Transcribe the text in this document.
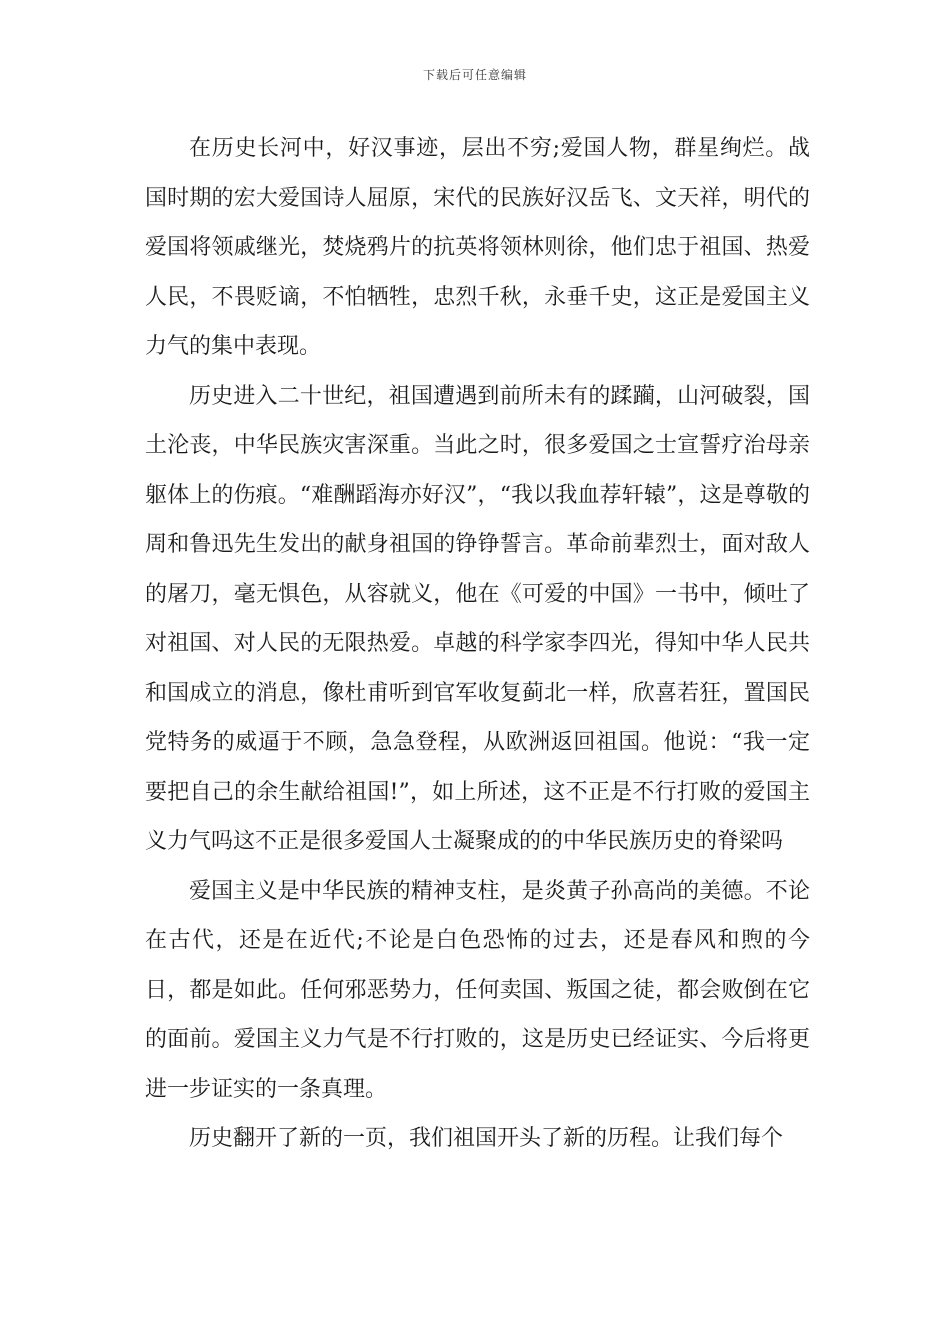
下载后可任意编辑

在历史长河中，好汉事迹，层出不穷;爱国人物，群星绚烂。战国时期的宏大爱国诗人屈原，宋代的民族好汉岳飞、文天祥，明代的爱国将领戚继光，焚烧鸦片的抗英将领林则徐，他们忠于祖国、热爱人民，不畏贬谪，不怕牺牲，忠烈千秋，永垂千史，这正是爱国主义力气的集中表现。

历史进入二十世纪，祖国遭遇到前所未有的蹂躏，山河破裂，国土沦丧，中华民族灾害深重。当此之时，很多爱国之士宣誓疗治母亲躯体上的伤痕。“难酬蹈海亦好汉”，“我以我血荐轩辕”，这是尊敬的周和鲁迅先生发出的献身祖国的铮铮誓言。革命前辈烈士，面对敌人的屠刀，毫无惧色，从容就义，他在《可爱的中国》一书中，倾吐了对祖国、对人民的无限热爱。卓越的科学家李四光，得知中华人民共和国成立的消息，像杜甫听到官军收复蓟北一样，欣喜若狂，置国民党特务的威逼于不顾，急急登程，从欧洲返回祖国。他说：“我一定要把自己的余生献给祖国!”，如上所述，这不正是不行打败的爱国主义力气吗这不正是很多爱国人士凝聚成的的中华民族历史的脊梁吗

爱国主义是中华民族的精神支柱，是炎黄子孙高尚的美德。不论在古代，还是在近代;不论是白色恐怖的过去，还是春风和煦的今日，都是如此。任何邪恶势力，任何卖国、叛国之徒，都会败倒在它的面前。爱国主义力气是不行打败的，这是历史已经证实、今后将更进一步证实的一条真理。

历史翻开了新的一页，我们祖国开头了新的历程。让我们每个
